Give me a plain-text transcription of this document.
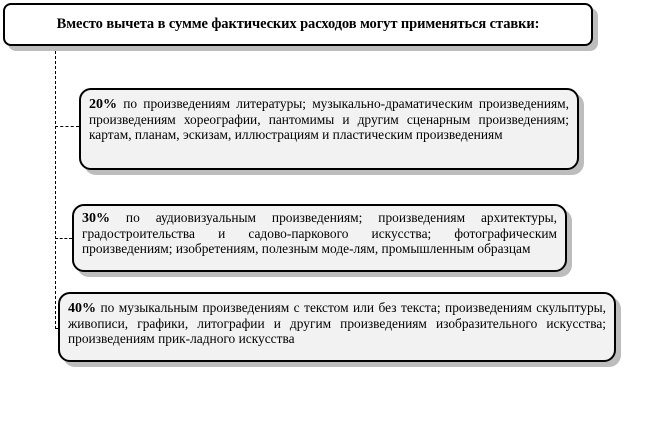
Вместо вычета в сумме фактических расходов могут применяться ставки:
20% по произведениям литературы; музыкально-драматическим произведениям, произведениям хореографии, пантомимы и другим сценарным произведениям; картам, планам, эскизам, иллюстрациям и пластическим произведениям
30% по аудиовизуальным произведениям; произведениям архитектуры, градостроительства и садово-паркового искусства; фотографическим произведениям; изобретениям, полезным моде-лям, промышленным образцам
40% по музыкальным произведениям с текстом или без текста; произведениям скульптуры, живописи, графики, литографии и другим произведениям изобразительного искусства; произведениям прик-ладного искусства
